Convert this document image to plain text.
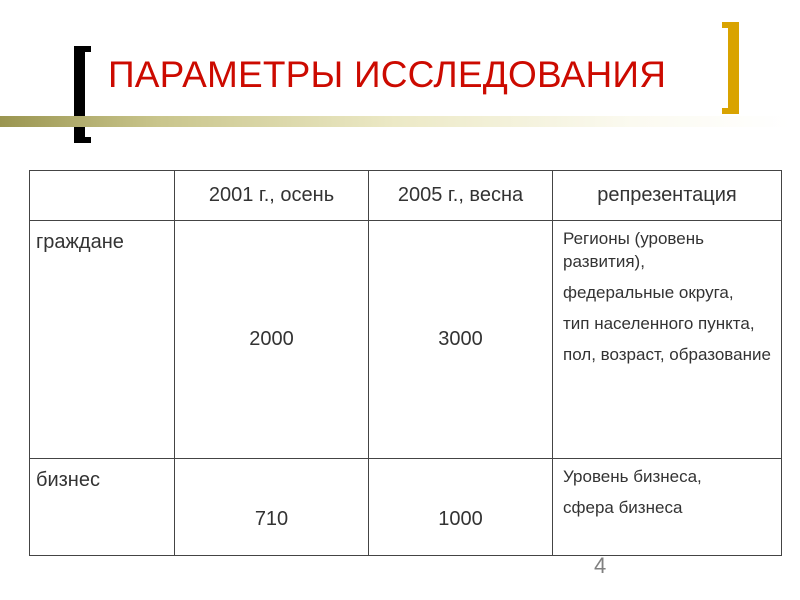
ПАРАМЕТРЫ ИССЛЕДОВАНИЯ
	2001 г., осень	2005 г., весна	репрезентация
граждане	2000	3000	Регионы (уровень развития),
федеральные округа,
тип населенного пункта,
пол, возраст, образование

бизнес	710	1000	Уровень бизнеса,
сфера бизнеса
4
